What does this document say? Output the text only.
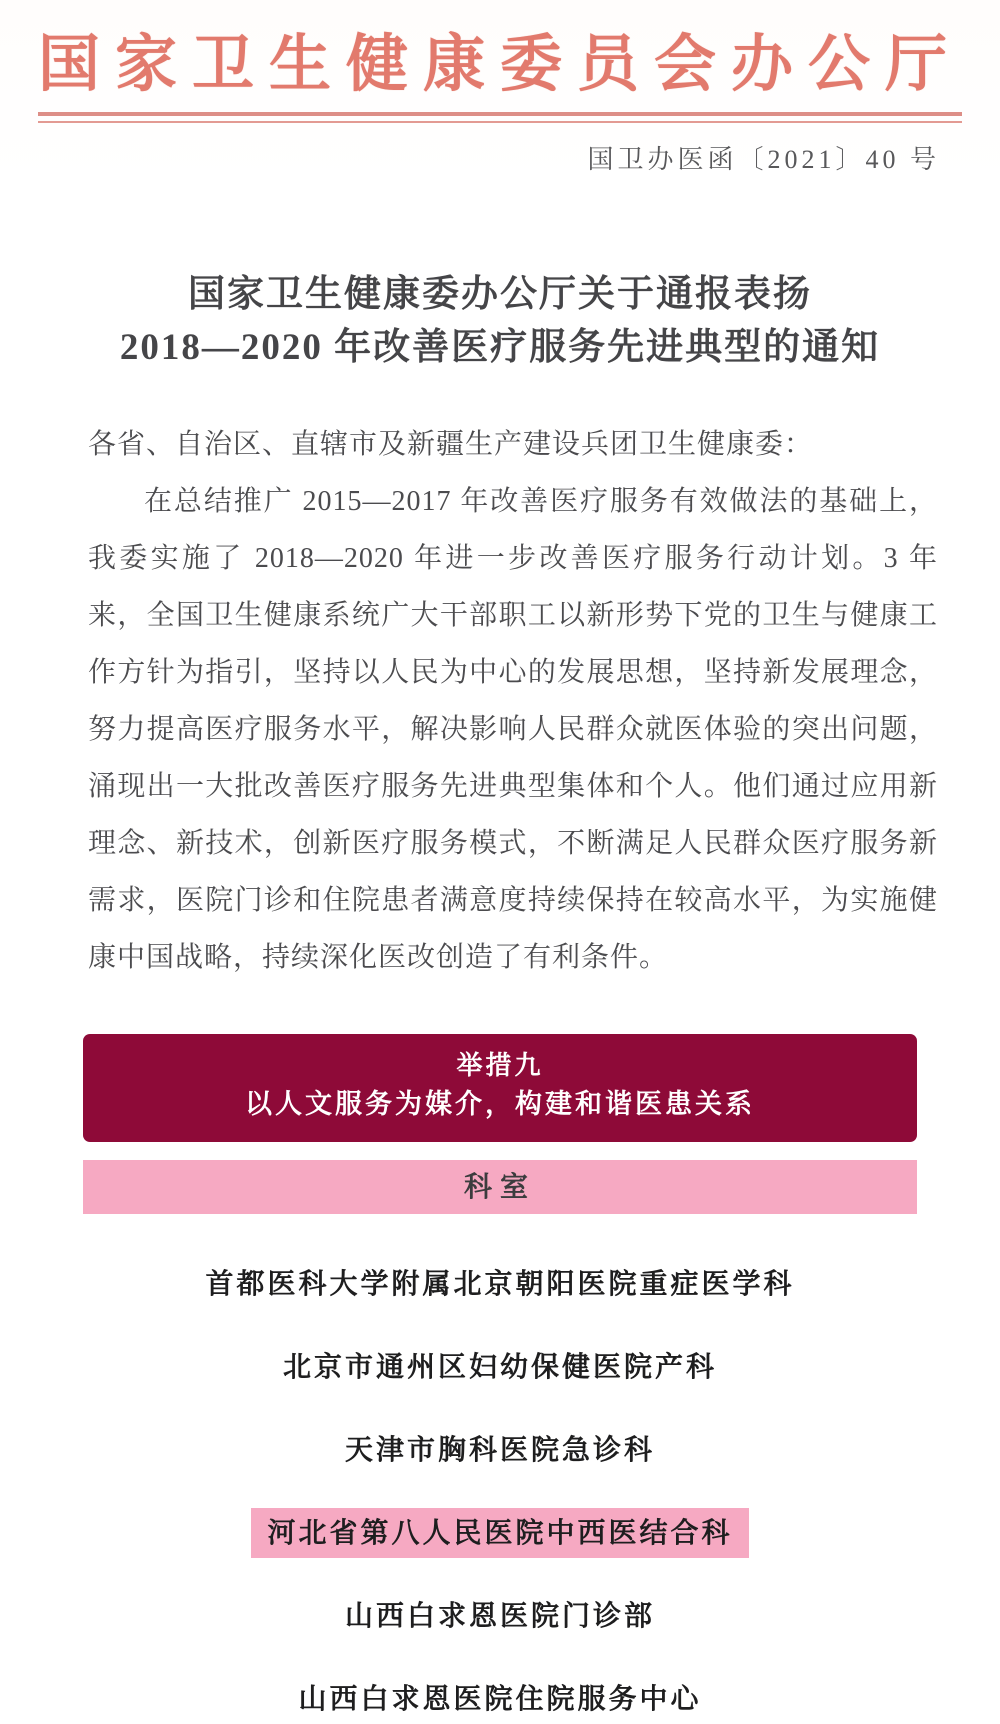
国家卫生健康委员会办公厅
国卫办医函〔2021〕40 号
国家卫生健康委办公厅关于通报表扬
2018—2020 年改善医疗服务先进典型的通知

各省、自治区、直辖市及新疆生产建设兵团卫生健康委：

在总结推广 2015—2017 年改善医疗服务有效做法的基础上，我委实施了 2018—2020 年进一步改善医疗服务行动计划。3 年来，全国卫生健康系统广大干部职工以新形势下党的卫生与健康工作方针为指引，坚持以人民为中心的发展思想，坚持新发展理念，努力提高医疗服务水平，解决影响人民群众就医体验的突出问题，涌现出一大批改善医疗服务先进典型集体和个人。他们通过应用新理念、新技术，创新医疗服务模式，不断满足人民群众医疗服务新需求，医院门诊和住院患者满意度持续保持在较高水平，为实施健康中国战略，持续深化医改创造了有利条件。

举措九
以人文服务为媒介，构建和谐医患关系
科室
首都医科大学附属北京朝阳医院重症医学科
北京市通州区妇幼保健医院产科
天津市胸科医院急诊科
河北省第八人民医院中西医结合科
山西白求恩医院门诊部
山西白求恩医院住院服务中心
